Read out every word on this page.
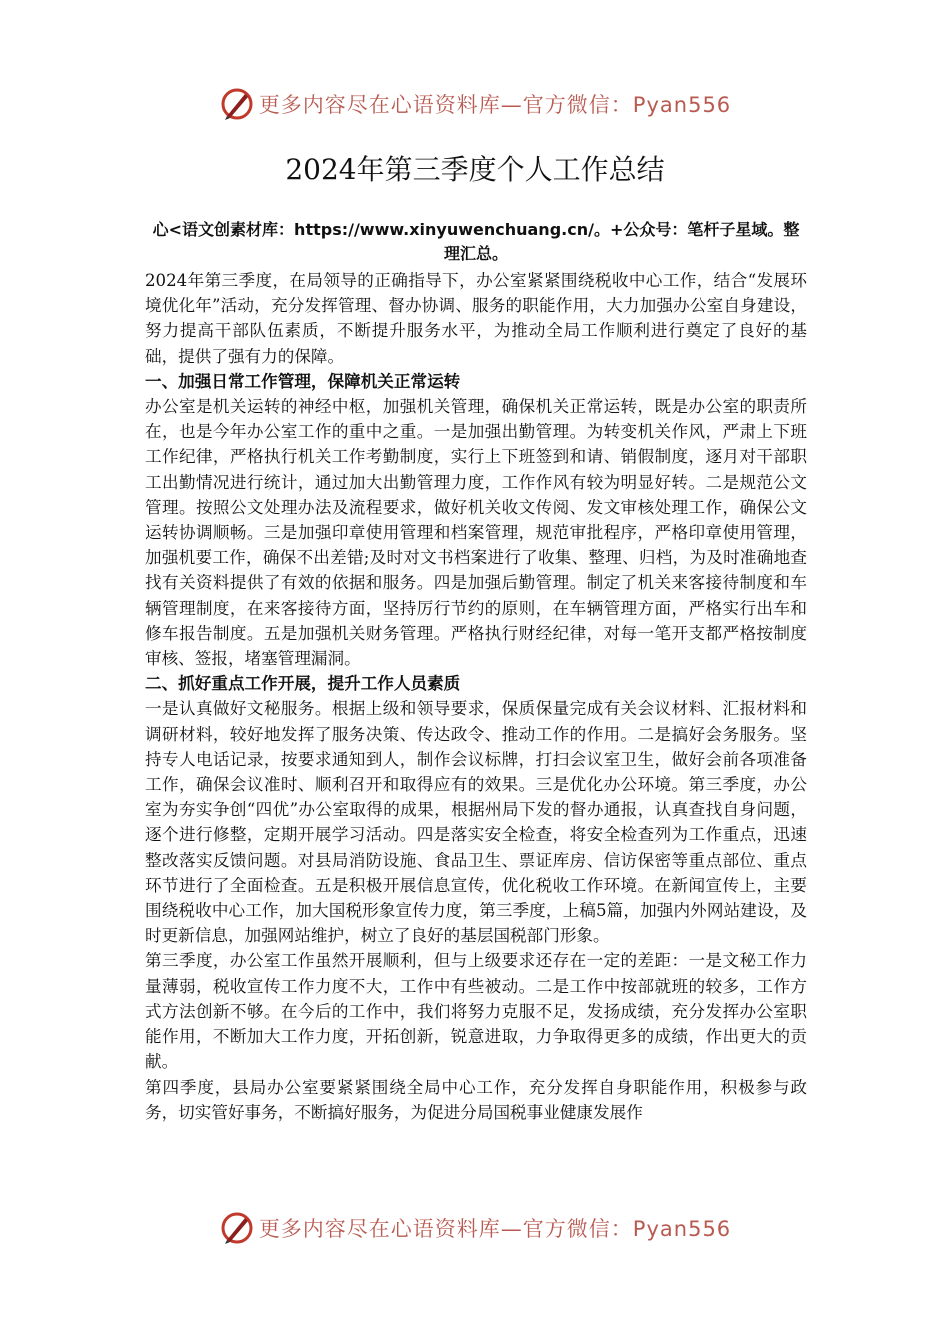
更多内容尽在心语资料库—官方微信：Pyan556
2024年第三季度个人工作总结
心<语文创素材库：https://www.xinyuwenchuang.cn/。+公众号：笔杆子星域。整理汇总。

2024年第三季度，在局领导的正确指导下，办公室紧紧围绕税收中心工作，结合“发展环境优化年”活动，充分发挥管理、督办协调、服务的职能作用，大力加强办公室自身建设，努力提高干部队伍素质，不断提升服务水平，为推动全局工作顺利进行奠定了良好的基础，提供了强有力的保障。

一、加强日常工作管理，保障机关正常运转

办公室是机关运转的神经中枢，加强机关管理，确保机关正常运转，既是办公室的职责所在，也是今年办公室工作的重中之重。一是加强出勤管理。为转变机关作风，严肃上下班工作纪律，严格执行机关工作考勤制度，实行上下班签到和请、销假制度，逐月对干部职工出勤情况进行统计，通过加大出勤管理力度，工作作风有较为明显好转。二是规范公文管理。按照公文处理办法及流程要求，做好机关收文传阅、发文审核处理工作，确保公文运转协调顺畅。三是加强印章使用管理和档案管理，规范审批程序，严格印章使用管理，加强机要工作，确保不出差错;及时对文书档案进行了收集、整理、归档，为及时准确地查找有关资料提供了有效的依据和服务。四是加强后勤管理。制定了机关来客接待制度和车辆管理制度，在来客接待方面，坚持厉行节约的原则，在车辆管理方面，严格实行出车和修车报告制度。五是加强机关财务管理。严格执行财经纪律，对每一笔开支都严格按制度审核、签报，堵塞管理漏洞。

二、抓好重点工作开展，提升工作人员素质

一是认真做好文秘服务。根据上级和领导要求，保质保量完成有关会议材料、汇报材料和调研材料，较好地发挥了服务决策、传达政令、推动工作的作用。二是搞好会务服务。坚持专人电话记录，按要求通知到人，制作会议标牌，打扫会议室卫生，做好会前各项准备工作，确保会议准时、顺利召开和取得应有的效果。三是优化办公环境。第三季度，办公室为夯实争创“四优”办公室取得的成果，根据州局下发的督办通报，认真查找自身问题，逐个进行修整，定期开展学习活动。四是落实安全检查，将安全检查列为工作重点，迅速整改落实反馈问题。对县局消防设施、食品卫生、票证库房、信访保密等重点部位、重点环节进行了全面检查。五是积极开展信息宣传，优化税收工作环境。在新闻宣传上，主要围绕税收中心工作，加大国税形象宣传力度，第三季度，上稿5篇，加强内外网站建设，及时更新信息，加强网站维护，树立了良好的基层国税部门形象。

第三季度，办公室工作虽然开展顺利，但与上级要求还存在一定的差距：一是文秘工作力量薄弱，税收宣传工作力度不大，工作中有些被动。二是工作中按部就班的较多，工作方式方法创新不够。在今后的工作中，我们将努力克服不足，发扬成绩，充分发挥办公室职能作用，不断加大工作力度，开拓创新，锐意进取，力争取得更多的成绩，作出更大的贡献。

第四季度，县局办公室要紧紧围绕全局中心工作，充分发挥自身职能作用，积极参与政务，切实管好事务，不断搞好服务，为促进分局国税事业健康发展作

更多内容尽在心语资料库—官方微信：Pyan556
